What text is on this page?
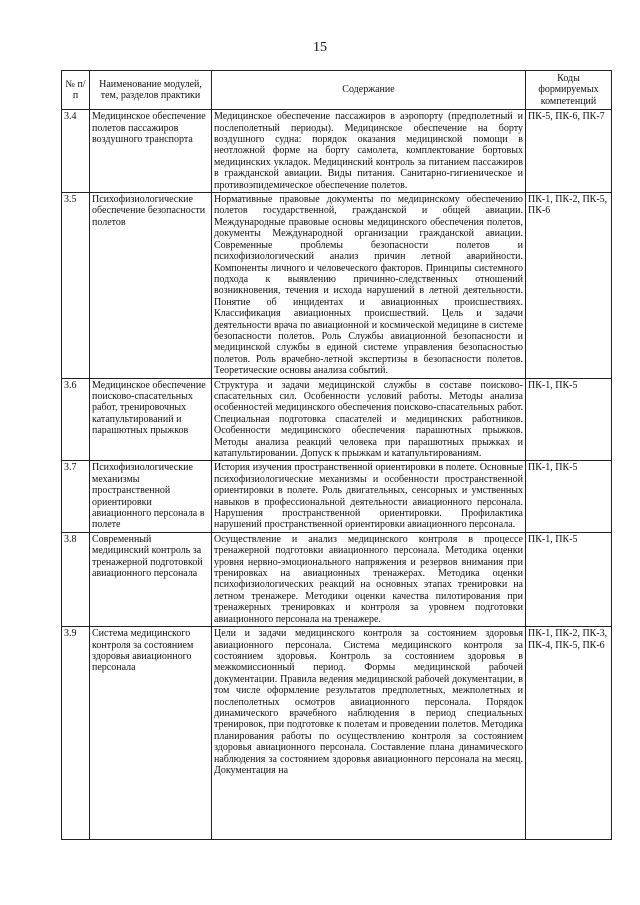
15
№ п/п	Наименование модулей, тем, разделов практики	Содержание	Коды формируемых компетенций
3.4	Медицинское обеспечение полетов пассажиров воздушного транспорта	Медицинское обеспечение пассажиров в аэропорту (предполетный и послеполетный периоды). Медицинское обеспечение на борту воздушного судна: порядок оказания медицинской помощи в неотложной форме на борту самолета, комплектование бортовых медицинских укладок. Медицинский контроль за питанием пассажиров в гражданской авиации. Виды питания. Санитарно-гигиеническое и противоэпидемическое обеспечение полетов.	ПК-5, ПК-6, ПК-7
3.5	Психофизиологические обеспечение безопасности полетов	Нормативные правовые документы по медицинскому обеспечению полетов государственной, гражданской и общей авиации. Международные правовые основы медицинского обеспечения полетов, документы Международной организации гражданской авиации. Современные проблемы безопасности полетов и психофизиологический анализ причин летной аварийности. Компоненты личного и человеческого факторов. Принципы системного подхода к выявлению причинно-следственных отношений возникновения, течения и исхода нарушений в летной деятельности. Понятие об инцидентах и авиационных происшествиях. Классификация авиационных происшествий. Цель и задачи деятельности врача по авиационной и космической медицине в системе безопасности полетов. Роль Службы авиационной безопасности и медицинской службы в единой системе управления безопасностью полетов. Роль врачебно-летной экспертизы в безопасности полетов. Теоретические основы анализа событий.	ПК-1, ПК-2, ПК-5, ПК-6
3.6	Медицинское обеспечение поисково-спасательных работ, тренировочных катапультирований и парашютных прыжков	Структура и задачи медицинской службы в составе поисково-спасательных сил. Особенности условий работы. Методы анализа особенностей медицинского обеспечения поисково-спасательных работ. Специальная подготовка спасателей и медицинских работников. Особенности медицинского обеспечения парашютных прыжков. Методы анализа реакций человека при парашютных прыжках и катапультировании. Допуск к прыжкам и катапультированиям.	ПК-1, ПК-5
3.7	Психофизиологические механизмы пространственной ориентировки авиационного персонала в полете	История изучения пространственной ориентировки в полете. Основные психофизиологические механизмы и особенности пространственной ориентировки в полете. Роль двигательных, сенсорных и умственных навыков в профессиональной деятельности авиационного персонала. Нарушения пространственной ориентировки. Профилактика нарушений пространственной ориентировки авиационного персонала.	ПК-1, ПК-5
3.8	Современный медицинский контроль за тренажерной подготовкой авиационного персонала	Осуществление и анализ медицинского контроля в процессе тренажерной подготовки авиационного персонала. Методика оценки уровня нервно-эмоционального напряжения и резервов внимания при тренировках на авиационных тренажерах. Методика оценки психофизиологических реакций на основных этапах тренировки на летном тренажере. Методики оценки качества пилотирования при тренажерных тренировках и контроля за уровнем подготовки авиационного персонала на тренажере.	ПК-1, ПК-5
3.9	Система медицинского контроля за состоянием здоровья авиационного персонала	Цели и задачи медицинского контроля за состоянием здоровья авиационного персонала. Система медицинского контроля за состоянием здоровья. Контроль за состоянием здоровья в межкомиссионный период. Формы медицинской рабочей документации. Правила ведения медицинской рабочей документации, в том числе оформление результатов предполетных, межполетных и послеполетных осмотров авиационного персонала. Порядок динамического врачебного наблюдения в период специальных тренировок, при подготовке к полетам и проведении полетов. Методика планирования работы по осуществлению контроля за состоянием здоровья авиационного персонала. Составление плана динамического наблюдения за состоянием здоровья авиационного персонала на месяц. Документация на	ПК-1, ПК-2, ПК-3, ПК-4, ПК-5, ПК-6
